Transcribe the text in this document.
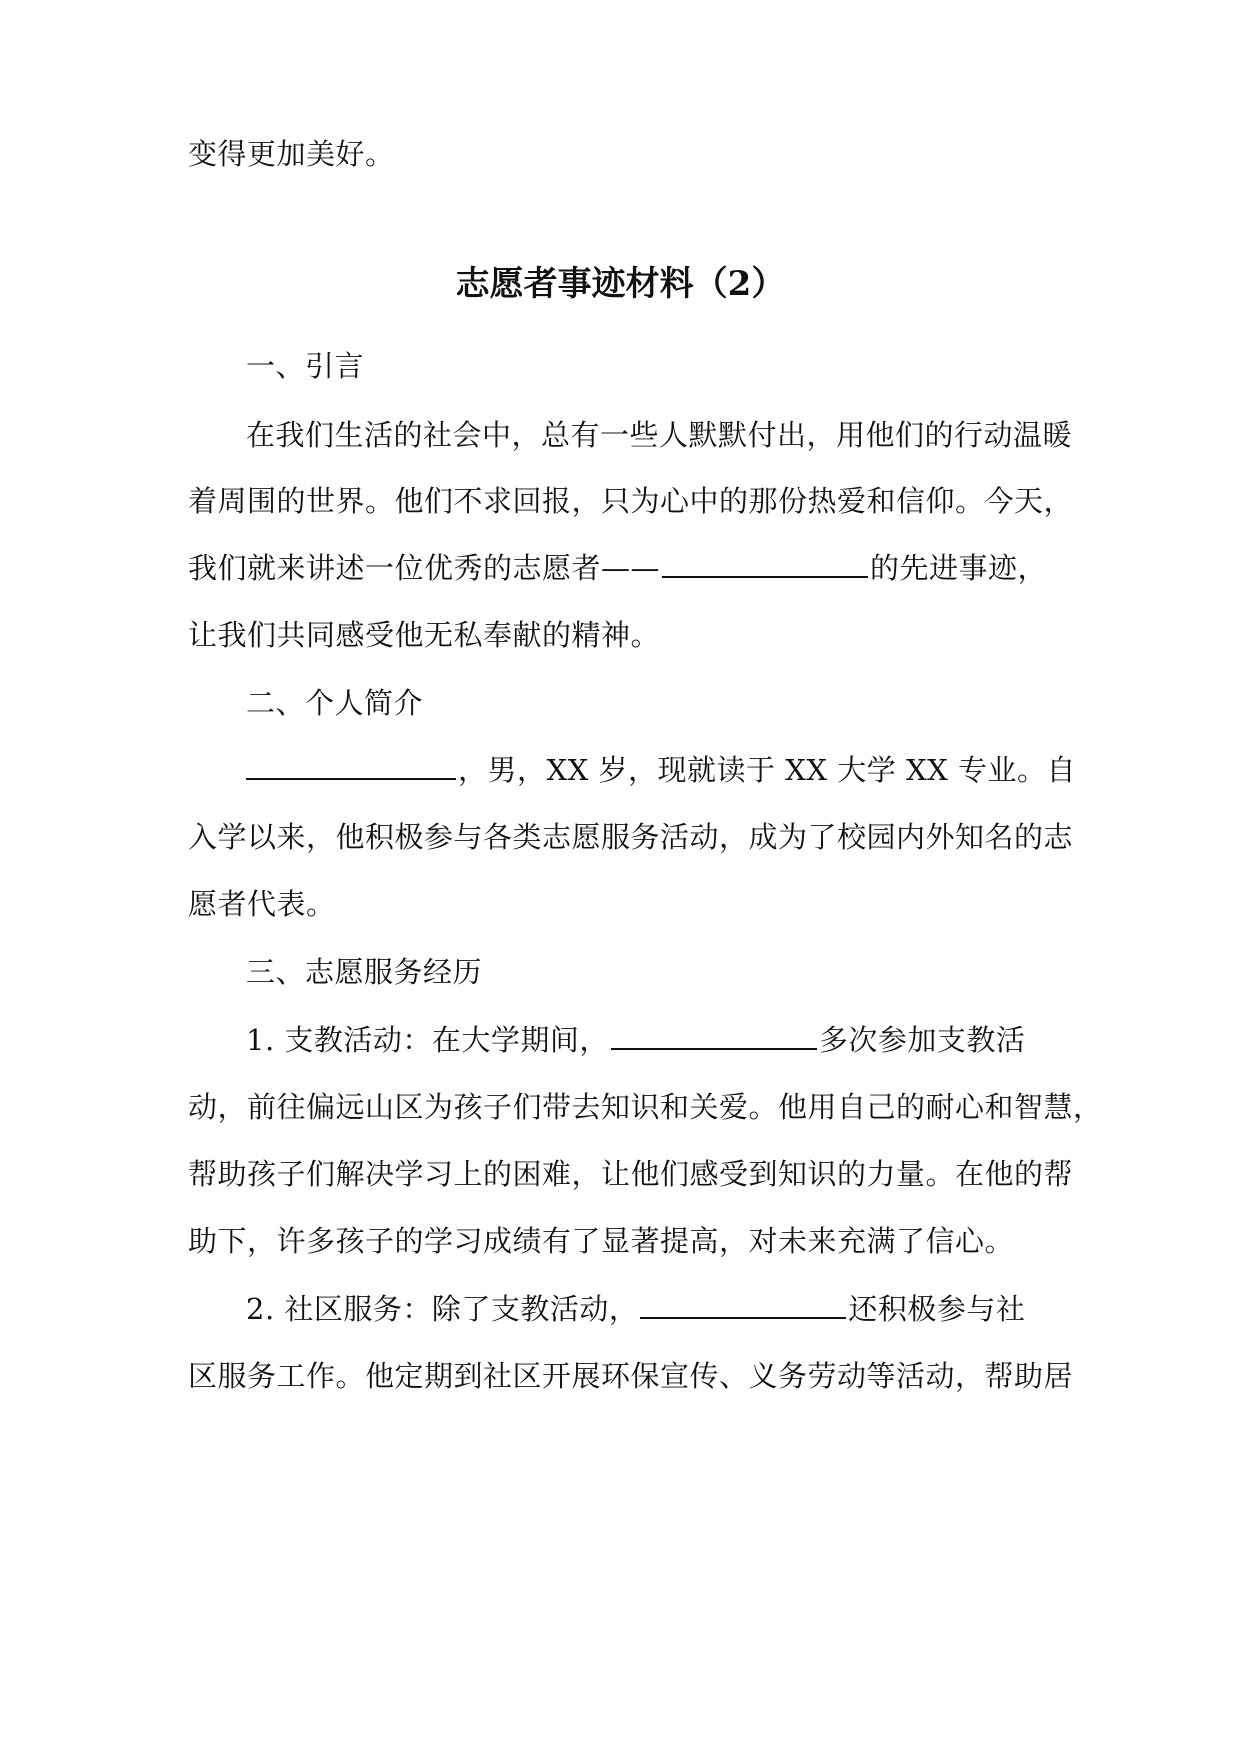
变得更加美好。
志愿者事迹材料（2）
一、引言
在我们生活的社会中，总有一些人默默付出，用他们的行动温暖
着周围的世界。他们不求回报，只为心中的那份热爱和信仰。今天，
我们就来讲述一位优秀的志愿者——	的先进事迹，
让我们共同感受他无私奉献的精神。
二、个人简介
，男，XX 岁，现就读于 XX 大学 XX 专业。自
入学以来，他积极参与各类志愿服务活动，成为了校园内外知名的志
愿者代表。
三、志愿服务经历
1. 支教活动：在大学期间，	多次参加支教活
动，前往偏远山区为孩子们带去知识和关爱。他用自己的耐心和智慧，
帮助孩子们解决学习上的困难，让他们感受到知识的力量。在他的帮
助下，许多孩子的学习成绩有了显著提高，对未来充满了信心。
2. 社区服务：除了支教活动，	还积极参与社
区服务工作。他定期到社区开展环保宣传、义务劳动等活动，帮助居
